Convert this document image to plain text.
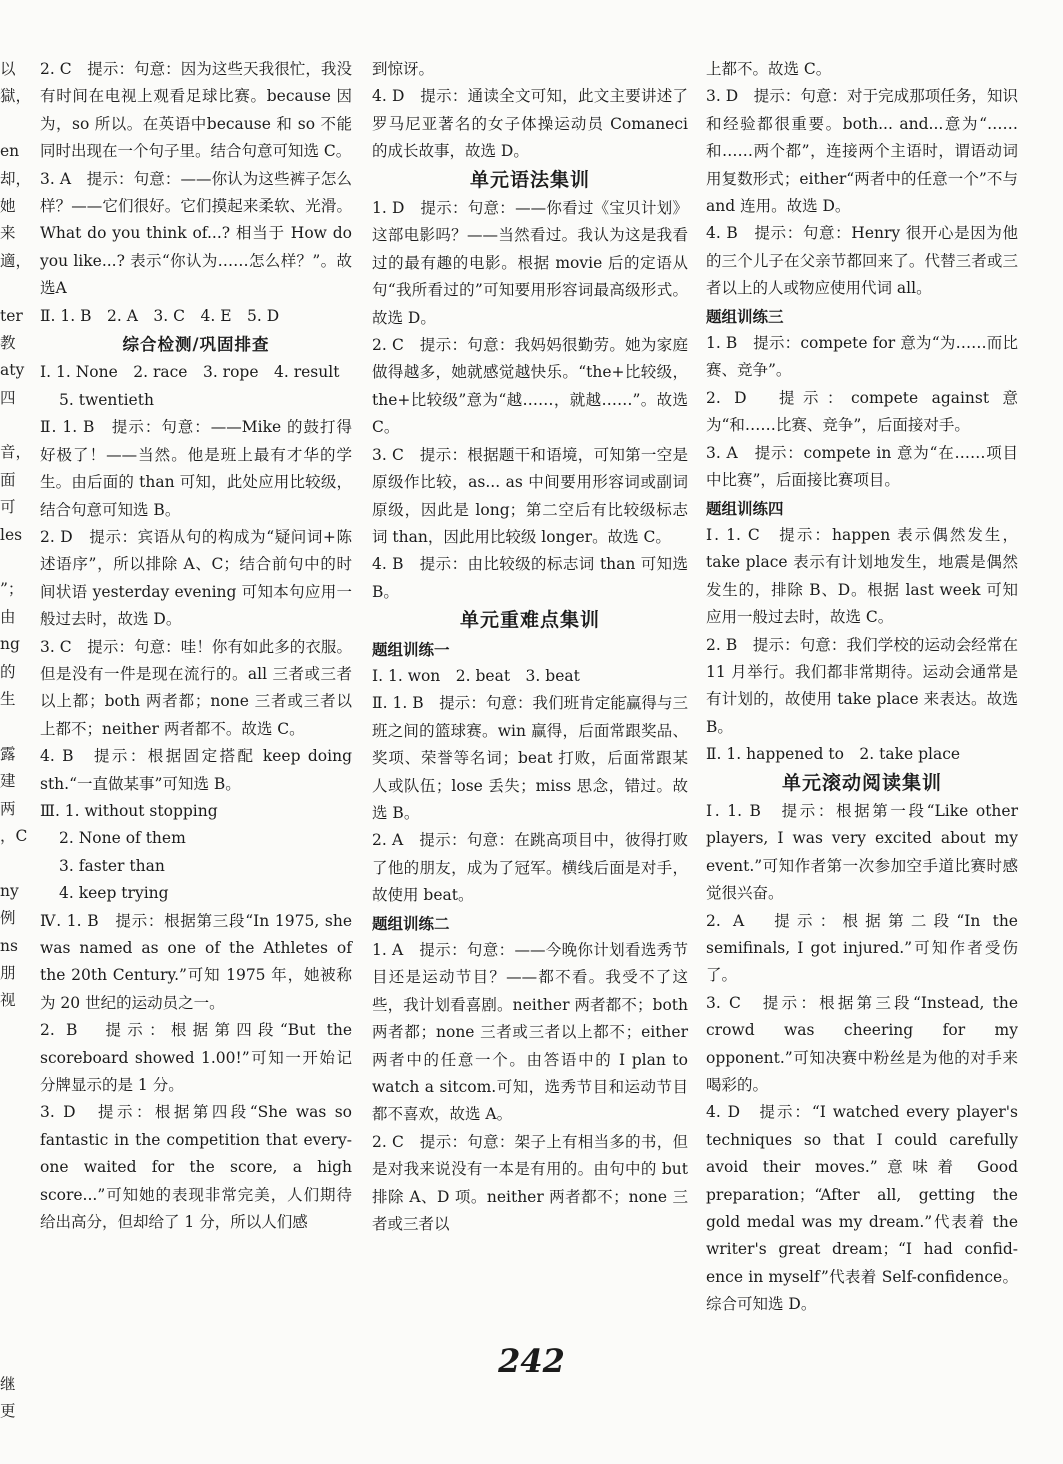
以

獄，

en

却，

她

来

適，

ter

教

aty

四

音，

面

可

les

”；

由

ng

的

生

露

建

两

，C

ny

例

ns

朋

视

继

更

2. C　提示：句意：因为这些天我很忙，我没有时间在电视上观看足球比赛。because 因为，so 所以。在英语中because 和 so 不能同时出现在一个句子里。结合句意可知选 C。

3. A　提示：句意：——你认为这些裤子怎么样？——它们很好。它们摸起来柔软、光滑。What do you think of...? 相当于 How do you like...? 表示“你认为……怎么样？”。故选A

Ⅱ. 1. B　2. A　3. C　4. E　5. D

综合检测/巩固排查

Ⅰ. 1. None　2. race　3. rope　4. result

5. twentieth

Ⅱ. 1. B　提示：句意：——Mike 的鼓打得好极了！——当然。他是班上最有才华的学生。由后面的 than 可知，此处应用比较级，结合句意可知选 B。

2. D　提示：宾语从句的构成为“疑问词+陈述语序”，所以排除 A、C；结合前句中的时间状语 yesterday evening 可知本句应用一般过去时，故选 D。

3. C　提示：句意：哇！你有如此多的衣服。但是没有一件是现在流行的。all 三者或三者以上都；both 两者都；none 三者或三者以上都不；neither 两者都不。故选 C。

4. B　提示：根据固定搭配 keep doing sth.“一直做某事”可知选 B。

Ⅲ. 1. without stopping

2. None of them

3. faster than

4. keep trying

Ⅳ. 1. B　提示：根据第三段“In 1975, she was named as one of the Athletes of the 20th Century.”可知 1975 年，她被称为 20 世纪的运动员之一。

2. B　提示：根据第四段“But the scoreboard showed 1.00!”可知一开始记分牌显示的是 1 分。

3. D　提示：根据第四段“She was so fantastic in the competition that every-one waited for the score, a high score...”可知她的表现非常完美，人们期待给出高分，但却给了 1 分，所以人们感

到惊讶。

4. D　提示：通读全文可知，此文主要讲述了罗马尼亚著名的女子体操运动员 Comaneci 的成长故事，故选 D。

单元语法集训

1. D　提示：句意：——你看过《宝贝计划》这部电影吗？——当然看过。我认为这是我看过的最有趣的电影。根据 movie 后的定语从句“我所看过的”可知要用形容词最高级形式。故选 D。

2. C　提示：句意：我妈妈很勤劳。她为家庭做得越多，她就感觉越快乐。“the+比较级，the+比较级”意为“越……，就越……”。故选 C。

3. C　提示：根据题干和语境，可知第一空是原级作比较，as... as 中间要用形容词或副词原级，因此是 long；第二空后有比较级标志词 than，因此用比较级 longer。故选 C。

4. B　提示：由比较级的标志词 than 可知选 B。

单元重难点集训

题组训练一

Ⅰ. 1. won　2. beat　3. beat

Ⅱ. 1. B　提示：句意：我们班肯定能赢得与三班之间的篮球赛。win 赢得，后面常跟奖品、奖项、荣誉等名词；beat 打败，后面常跟某人或队伍；lose 丢失；miss 思念，错过。故选 B。

2. A　提示：句意：在跳高项目中，彼得打败了他的朋友，成为了冠军。横线后面是对手，故使用 beat。

题组训练二

1. A　提示：句意：——今晚你计划看选秀节目还是运动节目？——都不看。我受不了这些，我计划看喜剧。neither 两者都不；both 两者都；none 三者或三者以上都不；either 两者中的任意一个。由答语中的 I plan to watch a sitcom.可知，选秀节目和运动节目都不喜欢，故选 A。

2. C　提示：句意：架子上有相当多的书，但是对我来说没有一本是有用的。由句中的 but 排除 A、D 项。neither 两者都不；none 三者或三者以

上都不。故选 C。

3. D　提示：句意：对于完成那项任务，知识和经验都很重要。both... and...意为“……和……两个都”，连接两个主语时，谓语动词用复数形式；either“两者中的任意一个”不与 and 连用。故选 D。

4. B　提示：句意：Henry 很开心是因为他的三个儿子在父亲节都回来了。代替三者或三者以上的人或物应使用代词 all。

题组训练三

1. B　提示：compete for 意为“为……而比赛、竞争”。

2. D　提示：compete against 意为“和……比赛、竞争”，后面接对手。

3. A　提示：compete in 意为“在……项目中比赛”，后面接比赛项目。

题组训练四

Ⅰ. 1. C　提示：happen 表示偶然发生，take place 表示有计划地发生，地震是偶然发生的，排除 B、D。根据 last week 可知应用一般过去时，故选 C。

2. B　提示：句意：我们学校的运动会经常在 11 月举行。我们都非常期待。运动会通常是有计划的，故使用 take place 来表达。故选 B。

Ⅱ. 1. happened to　2. take place

单元滚动阅读集训

Ⅰ. 1. B　提示：根据第一段“Like other players, I was very excited about my event.”可知作者第一次参加空手道比赛时感觉很兴奋。

2. A　提示：根据第二段“In the semifinals, I got injured.”可知作者受伤了。

3. C　提示：根据第三段“Instead, the crowd was cheering for my opponent.”可知决赛中粉丝是为他的对手来喝彩的。

4. D　提示：“I watched every player's techniques so that I could carefully avoid their moves.”意味着 Good preparation；“After all, getting the gold medal was my dream.”代表着 the writer's great dream；“I had confid-ence in myself”代表着 Self-confidence。综合可知选 D。

242
